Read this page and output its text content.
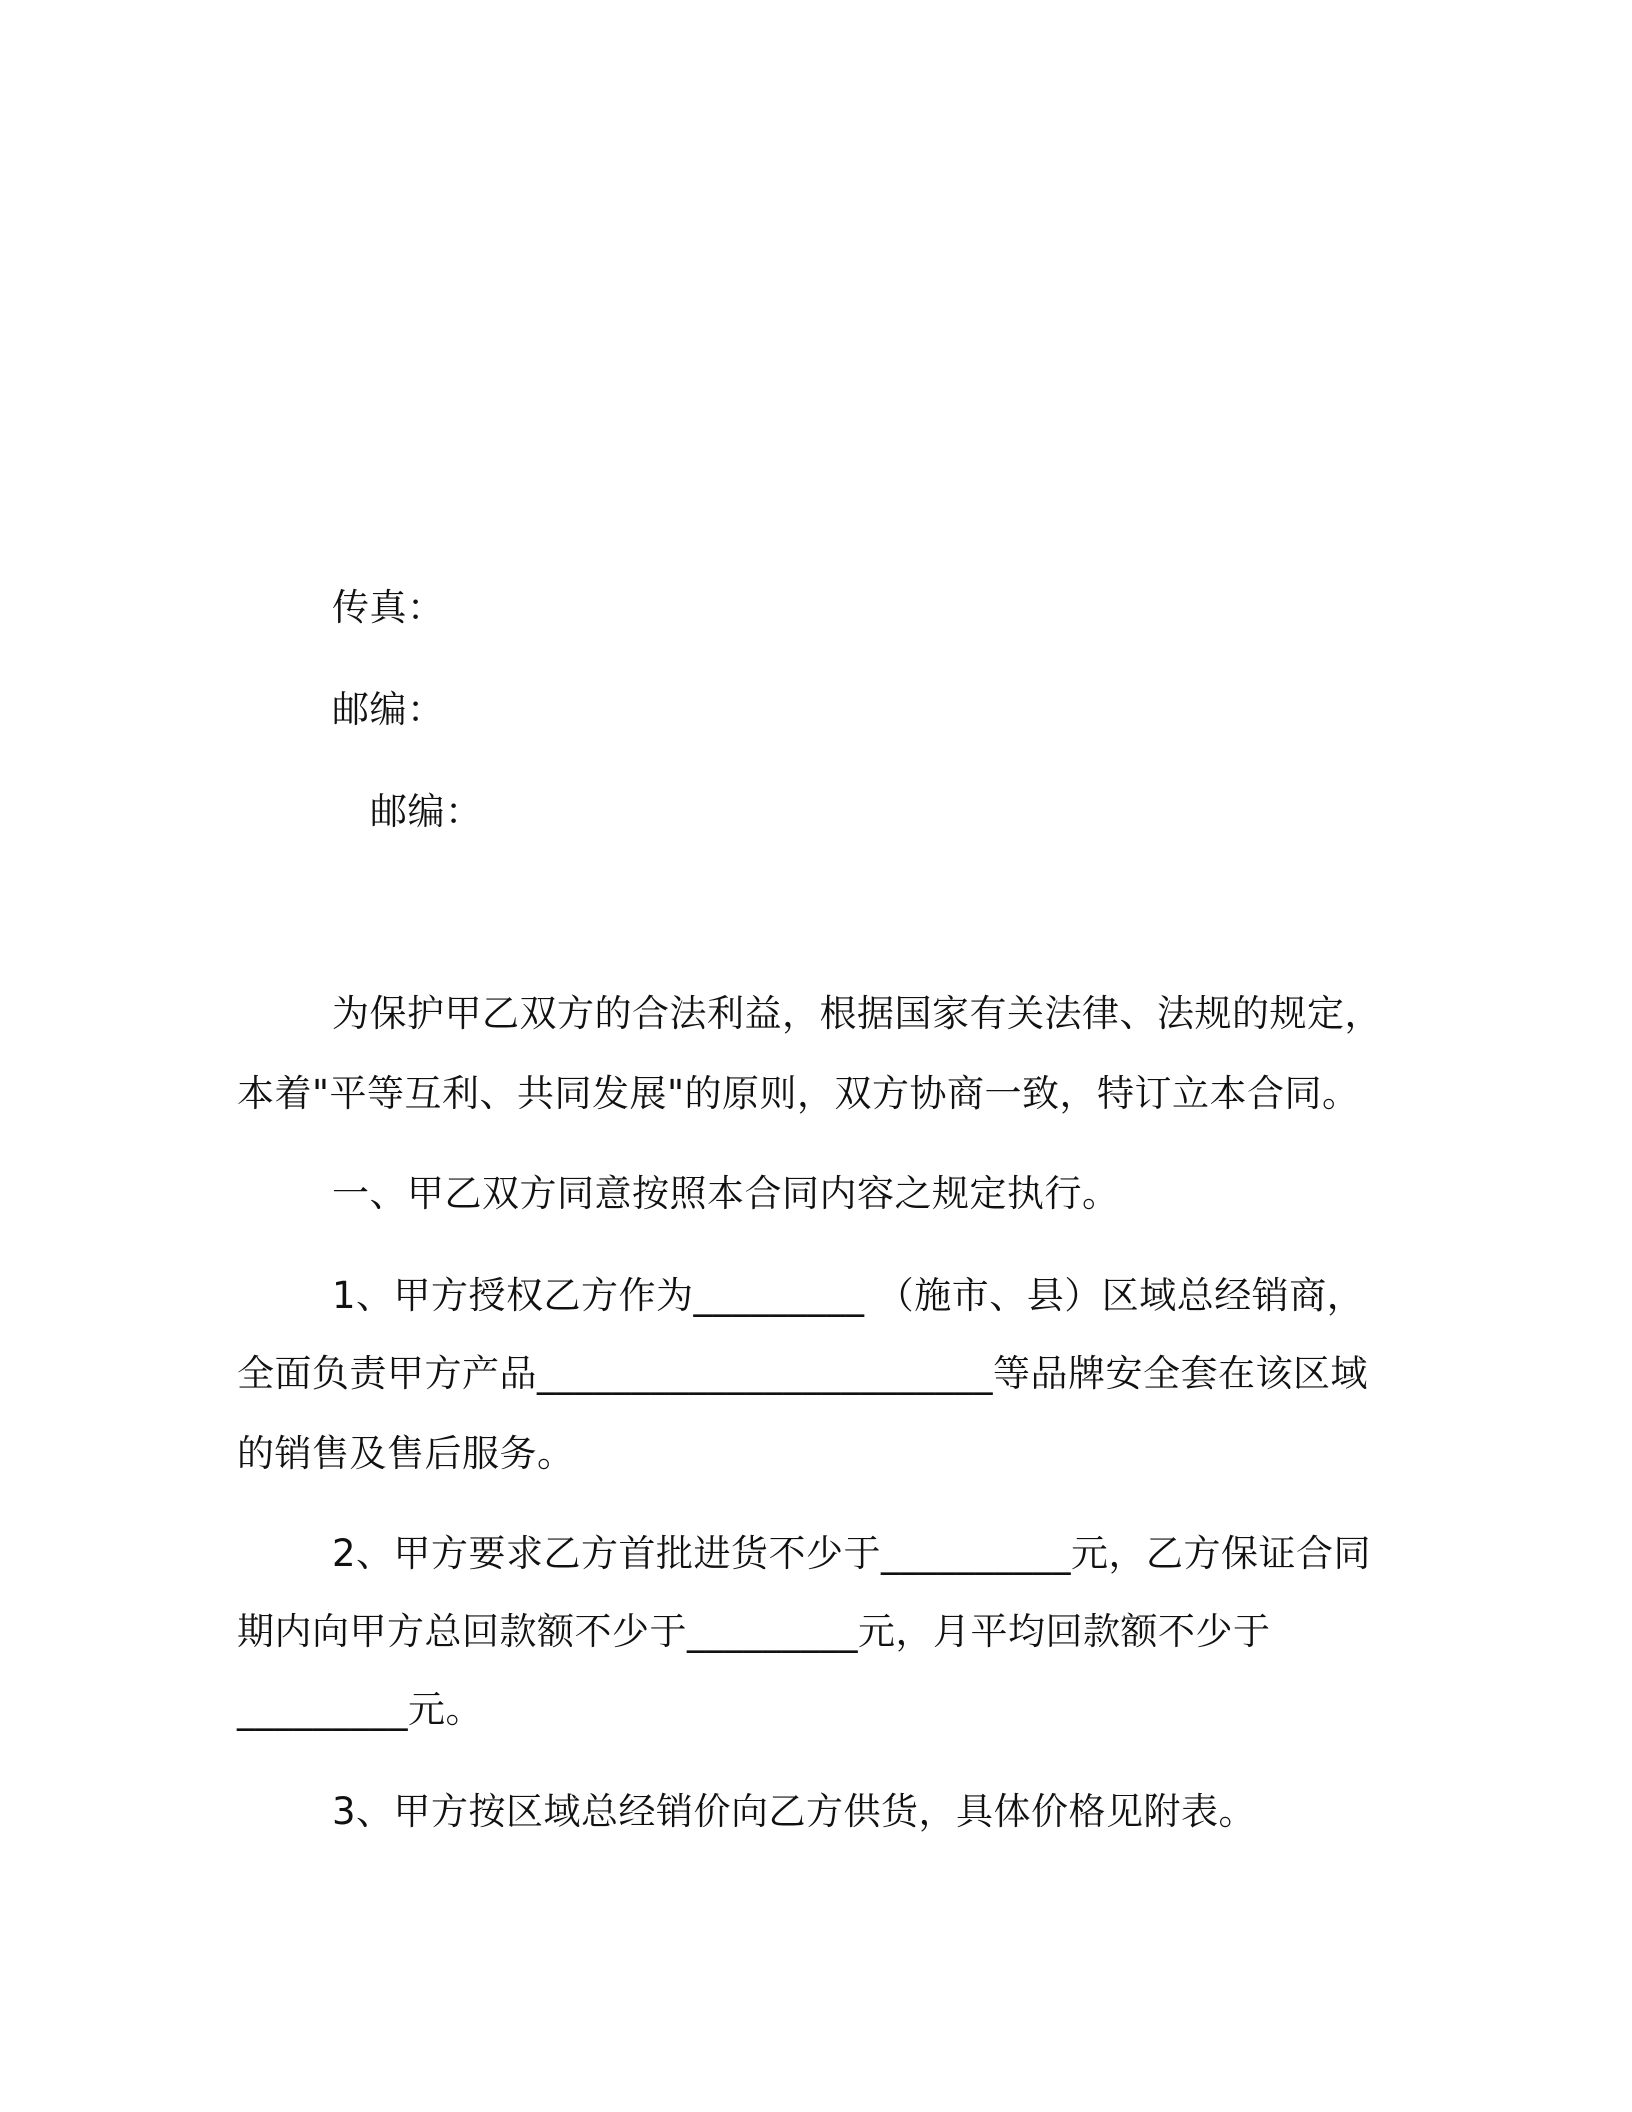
传真：

邮编：

邮编：

为保护甲乙双方的合法利益，根据国家有关法律、法规的规定，

本着"平等互利、共同发展"的原则，双方协商一致，特订立本合同。

一、甲乙双方同意按照本合同内容之规定执行。

1、甲方授权乙方作为_________ （施市、县）区域总经销商，

全面负责甲方产品________________________等品牌安全套在该区域

的销售及售后服务。

2、甲方要求乙方首批进货不少于__________元，乙方保证合同

期内向甲方总回款额不少于_________元，月平均回款额不少于

_________元。

3、甲方按区域总经销价向乙方供货，具体价格见附表。
